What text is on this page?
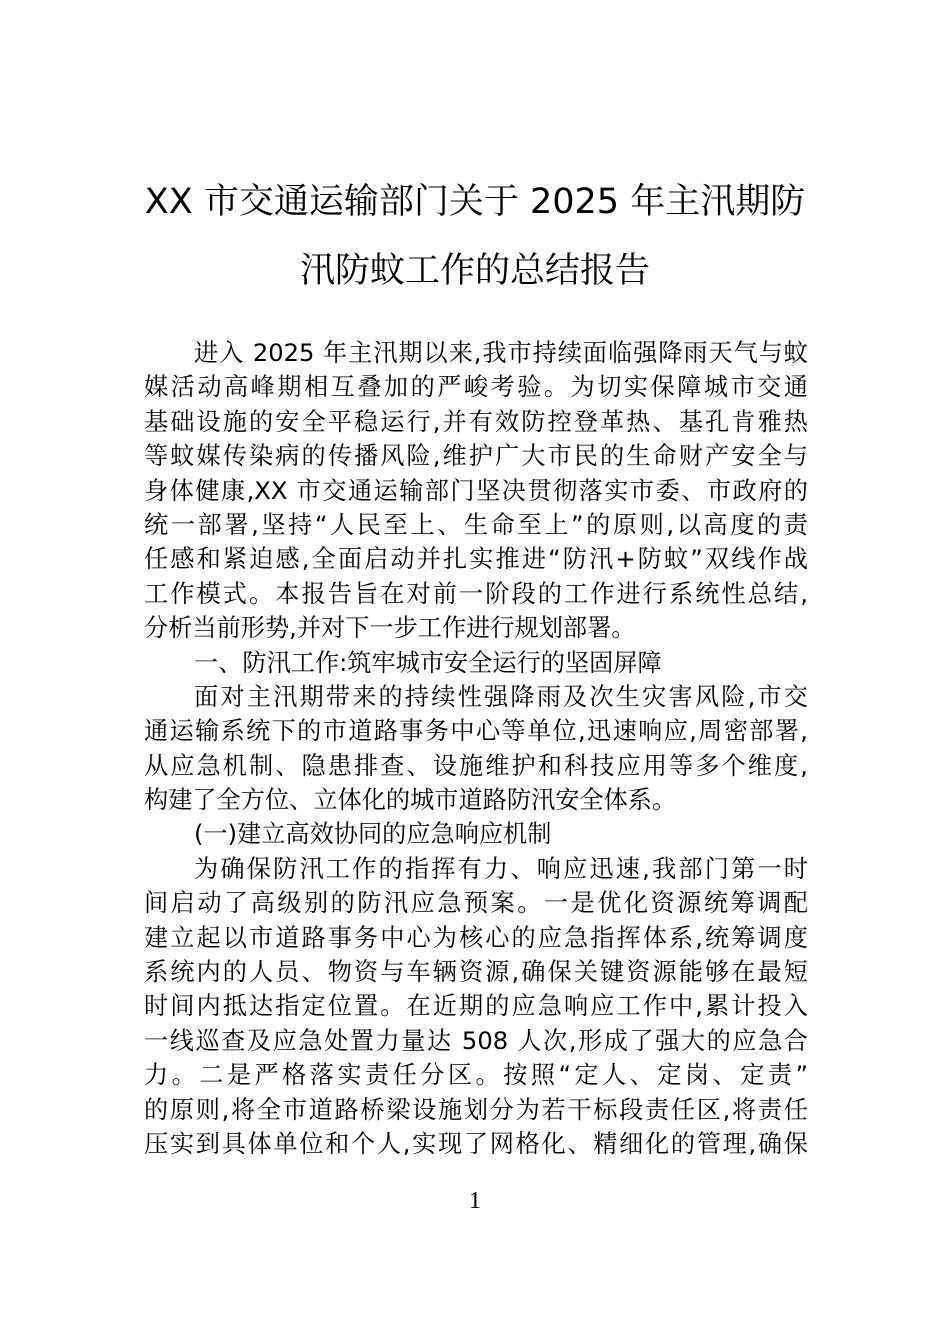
XX 市交通运输部门关于 2025 年主汛期防
汛防蚊工作的总结报告
进入 2025 年主汛期以来,我市持续面临强降雨天气与蚊
媒活动高峰期相互叠加的严峻考验。为切实保障城市交通
基础设施的安全平稳运行,并有效防控登革热、基孔肯雅热
等蚊媒传染病的传播风险,维护广大市民的生命财产安全与
身体健康,XX 市交通运输部门坚决贯彻落实市委、市政府的
统一部署,坚持“人民至上、生命至上”的原则,以高度的责
任感和紧迫感,全面启动并扎实推进“防汛+防蚊”双线作战
工作模式。本报告旨在对前一阶段的工作进行系统性总结,
分析当前形势,并对下一步工作进行规划部署。
一、防汛工作:筑牢城市安全运行的坚固屏障
面对主汛期带来的持续性强降雨及次生灾害风险,市交
通运输系统下的市道路事务中心等单位,迅速响应,周密部署,
从应急机制、隐患排查、设施维护和科技应用等多个维度,
构建了全方位、立体化的城市道路防汛安全体系。
(一)建立高效协同的应急响应机制
为确保防汛工作的指挥有力、响应迅速,我部门第一时
间启动了高级别的防汛应急预案。一是优化资源统筹调配
建立起以市道路事务中心为核心的应急指挥体系,统筹调度
系统内的人员、物资与车辆资源,确保关键资源能够在最短
时间内抵达指定位置。在近期的应急响应工作中,累计投入
一线巡查及应急处置力量达 508 人次,形成了强大的应急合
力。二是严格落实责任分区。按照“定人、定岗、定责”
的原则,将全市道路桥梁设施划分为若干标段责任区,将责任
压实到具体单位和个人,实现了网格化、精细化的管理,确保
1
